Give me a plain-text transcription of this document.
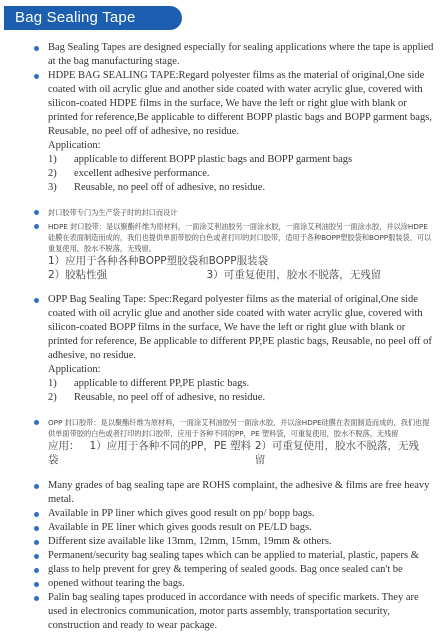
Bag Sealing Tape
Bag Sealing Tapes are designed especially for sealing applications where the tape is applied at the bag manufacturing stage.
HDPE BAG SEALING TAPE:Regard polyester films as the material of original,One side coated with oil acrylic glue and another side coated with water acrylic glue, covered with silicon-coated HDPE films in the surface, We have the left or right glue with blank or printed for reference,Be applicable to different BOPP plastic bags and BOPP garment bags, Reusable, no peel off of adhesive, no residue.
Application:
1) applicable to different BOPP plastic bags and BOPP garment bags
2) excellent adhesive performance.
3) Reusable, no peel off of adhesive, no residue.
封口胶带专门为生产袋子时的封口而设计
HDPE 封口胶带：是以聚酯纤维为原材料，一面涂艾利油胶另一面涂水胶，一面涂艾利油胶另一面涂水胶，并以涂HDPE硅膜在表面制造而成的，我们也提供单面带胶的白色或者打印的封口胶带，适用于各种BOPP塑胶袋和BOPP服装袋，可以重复使用，胶水不脱落，无残留。
1）应用于各种各种BOPP塑胶袋和BOPP服装袋
2）胶粘性强	3）可重复使用，胶水不脱落，无残留
OPP Bag Sealing Tape: Spec:Regard polyester films as the material of original,One side coated with oil acrylic glue and another side coated with water acrylic glue, covered with silicon-coated BOPP films in the surface, We have the left or right glue with blank or printed for reference, Be applicable to different PP,PE plastic bags, Reusable, no peel off of adhesive, no residue.
Application:
1) applicable to different PP,PE plastic bags.
2) Reusable, no peel off of adhesive, no residue.
OPP 封口胶带：是以聚酯纤维为原材料，一面涂艾利油胶另一面涂水胶，并以涂HDPE硅膜在表面制造而成的，我们也提供单面带胶的白色或者打印的封口胶带，应用于各种不同的PP，PE 塑料袋，可重复使用，胶水不脱落，无残留
应用： 1）应用于各种不同的PP，PE 塑料袋
2）可重复使用，胶水不脱落，无残留
Many grades of bag sealing tape are ROHS complaint, the adhesive & films are free heavy metal.
Available in PP liner which gives good result on pp/ bopp bags.
Available in PE liner which gives goods result on PE/LD bags.
Different size available like 13mm, 12mm, 15mm, 19mm & others.
Permanent/security bag sealing tapes which can be applied to material, plastic, papers &
glass to help prevent for grey & tempering of sealed goods. Bag once sealed can't be
opened without tearing the bags.
Palin bag sealing tapes produced in accordance with needs of specific markets. They are used in electronics communication, motor parts assembly, transportation security, construction and ready to wear package.
